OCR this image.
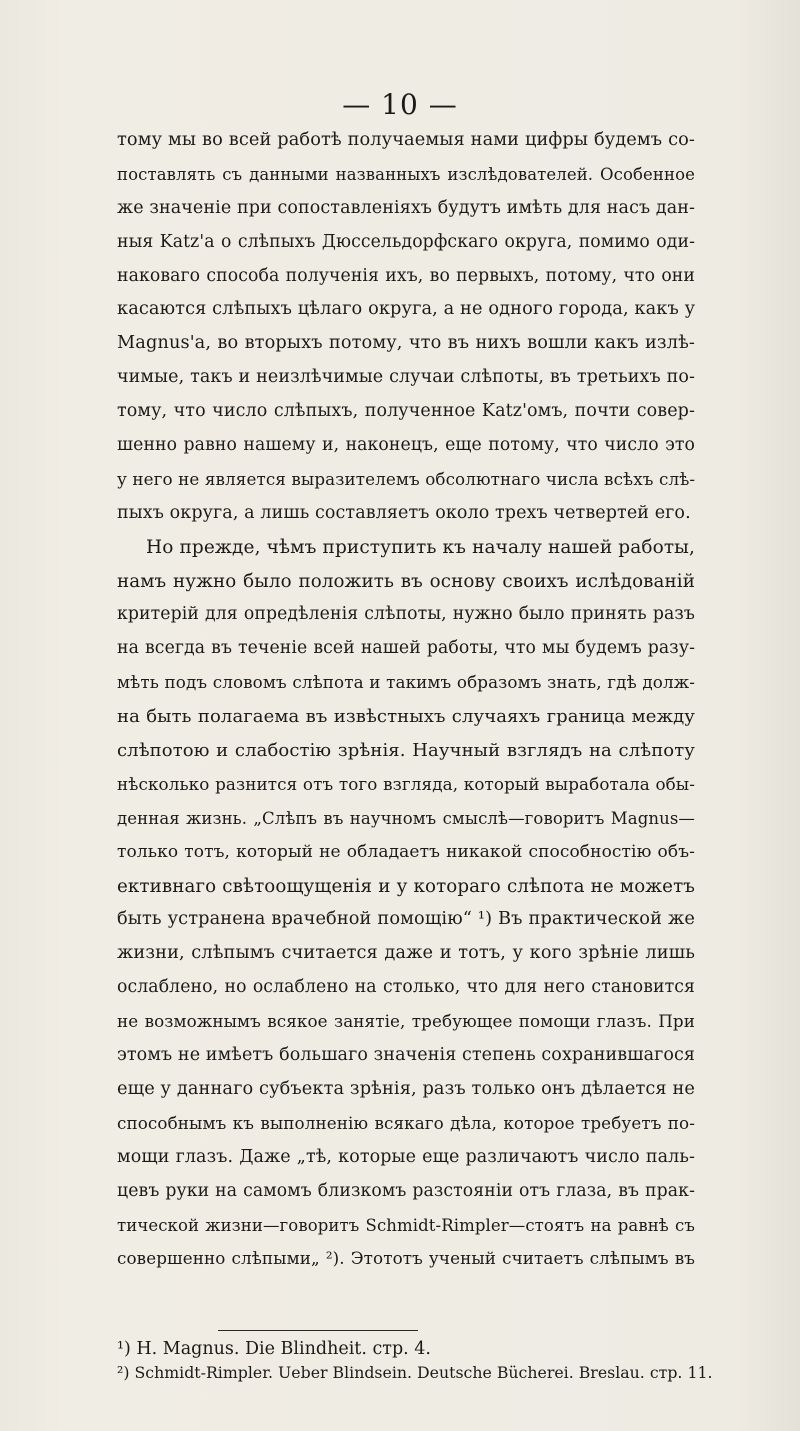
— 10 —
тому мы во всей работѣ получаемыя нами цифры будемъ со-
поставлять съ данными названныхъ изслѣдователей. Особенное
же значеніе при сопоставленіяхъ будутъ имѣть для насъ дан-
ныя Katz'а о слѣпыхъ Дюссельдорфскаго округа, помимо оди-
наковаго способа полученія ихъ, во первыхъ, потому, что они
касаются слѣпыхъ цѣлаго округа, а не одного города, какъ у
Magnus'а, во вторыхъ потому, что въ нихъ вошли какъ излѣ-
чимые, такъ и неизлѣчимые случаи слѣпоты, въ третьихъ по-
тому, что число слѣпыхъ, полученное Katz'омъ, почти совер-
шенно равно нашему и, наконецъ, еще потому, что число это
у него не является выразителемъ обсолютнаго числа всѣхъ слѣ-
пыхъ округа, а лишь составляетъ около трехъ четвертей его.
Но прежде, чѣмъ приступить къ началу нашей работы,
намъ нужно было положить въ основу своихъ ислѣдованій
критерій для опредѣленія слѣпоты, нужно было принять разъ
на всегда въ теченіе всей нашей работы, что мы будемъ разу-
мѣть подъ словомъ слѣпота и такимъ образомъ знать, гдѣ долж-
на быть полагаема въ извѣстныхъ случаяхъ граница между
слѣпотою и слабостію зрѣнія. Научный взглядъ на слѣпоту
нѣсколько разнится отъ того взгляда, который выработала обы-
денная жизнь. „Слѣпъ въ научномъ смыслѣ—говоритъ Magnus—
только тотъ, который не обладаетъ никакой способностію объ-
ективнаго свѣтоощущенія и у котораго слѣпота не можетъ
быть устранена врачебной помощію“ ¹) Въ практической же
жизни, слѣпымъ считается даже и тотъ, у кого зрѣніе лишь
ослаблено, но ослаблено на столько, что для него становится
не возможнымъ всякое занятіе, требующее помощи глазъ. При
этомъ не имѣетъ большаго значенія степень сохранившагося
еще у даннаго субъекта зрѣнія, разъ только онъ дѣлается не
способнымъ къ выполненію всякаго дѣла, которое требуетъ по-
мощи глазъ. Даже „тѣ, которые еще различаютъ число паль-
цевъ руки на самомъ близкомъ разстояніи отъ глаза, въ прак-
тической жизни—говоритъ Schmidt-Rimpler—стоятъ на равнѣ съ
совершенно слѣпыми„ ²). Этототъ ученый считаетъ слѣпымъ въ
¹) H. Magnus. Die Blindheit. стр. 4.
²) Schmidt-Rimpler. Ueber Blindsein. Deutsche Bücherei. Breslau. стр. 11.
